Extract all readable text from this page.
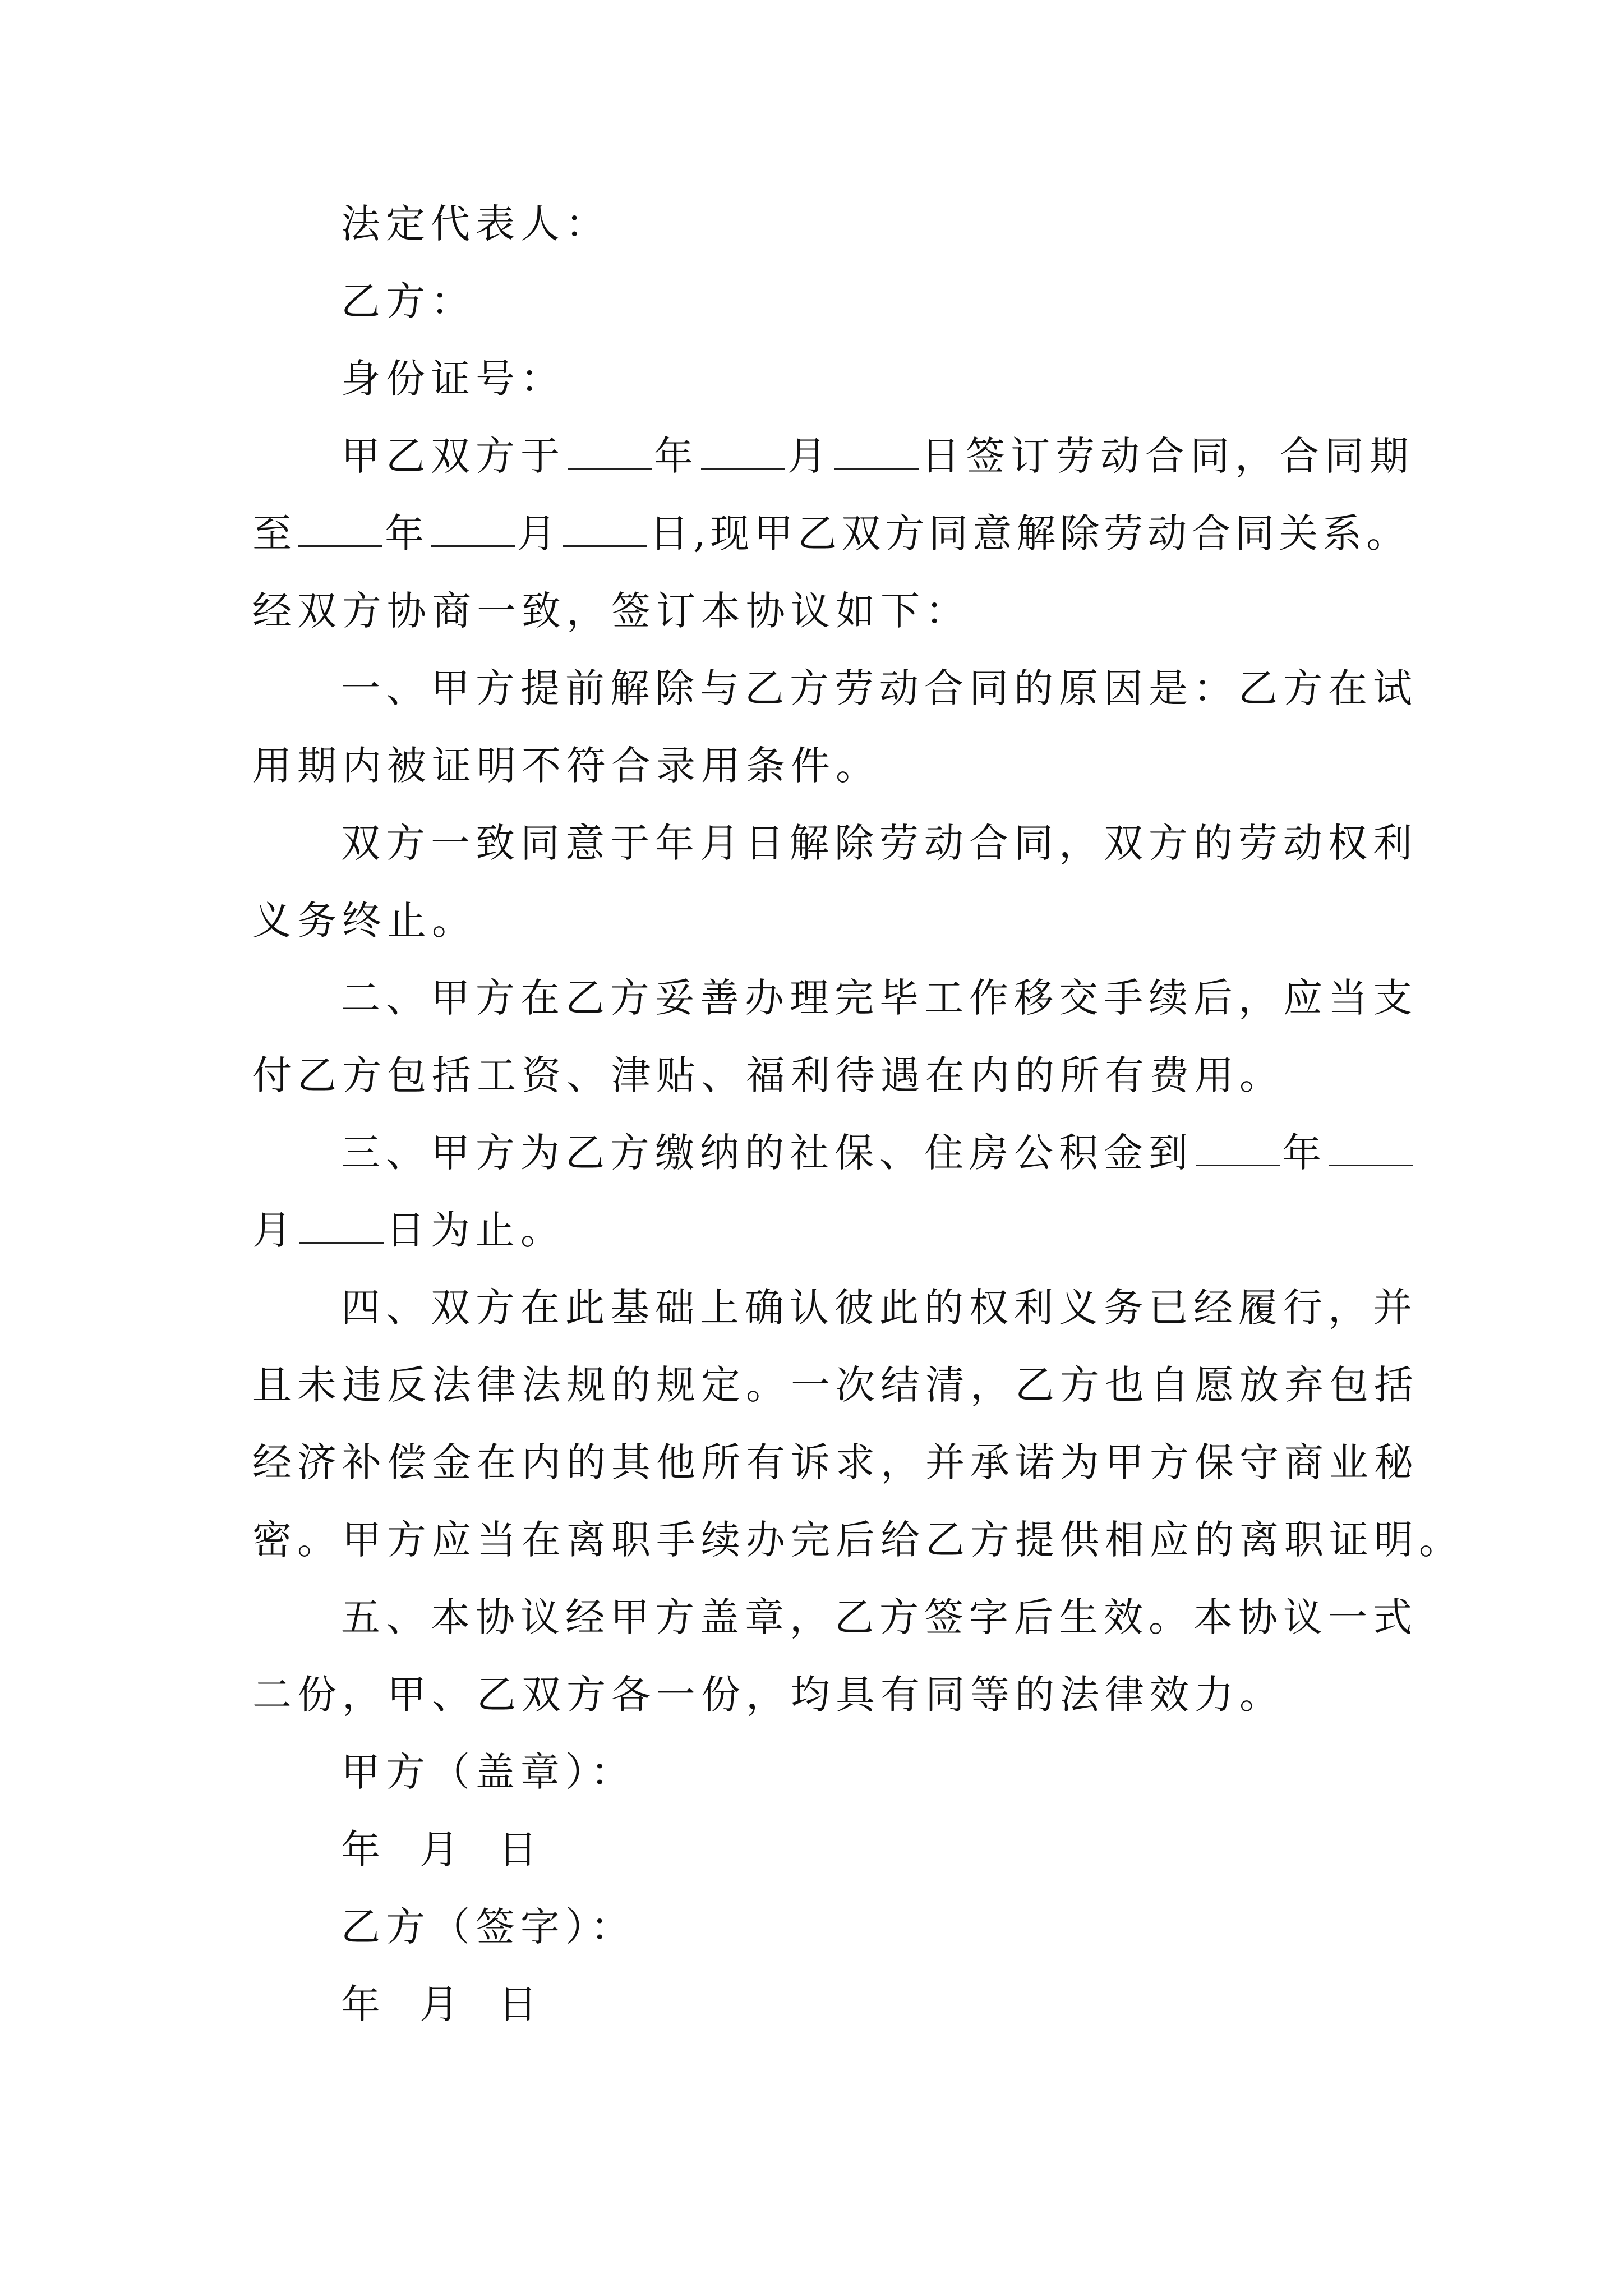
法定代表人：
乙方：
身份证号：
甲乙双方于 年 月 日签订劳动合同，合同期
至 年 月 日,现甲乙双方同意解除劳动合同关系。
经双方协商一致，签订本协议如下：
一、甲方提前解除与乙方劳动合同的原因是：乙方在试
用期内被证明不符合录用条件。
双方一致同意于年月日解除劳动合同，双方的劳动权利
义务终止。
二、甲方在乙方妥善办理完毕工作移交手续后，应当支
付乙方包括工资、津贴、福利待遇在内的所有费用。
三、甲方为乙方缴纳的社保、住房公积金到 年
月 日为止。
四、双方在此基础上确认彼此的权利义务已经履行，并
且未违反法律法规的规定。一次结清，乙方也自愿放弃包括
经济补偿金在内的其他所有诉求，并承诺为甲方保守商业秘
密。甲方应当在离职手续办完后给乙方提供相应的离职证明。
五、本协议经甲方盖章，乙方签字后生效。本协议一式
二份，甲、乙双方各一份，均具有同等的法律效力。
甲方（盖章）：
年 月 日
乙方（签字）：
年 月 日
